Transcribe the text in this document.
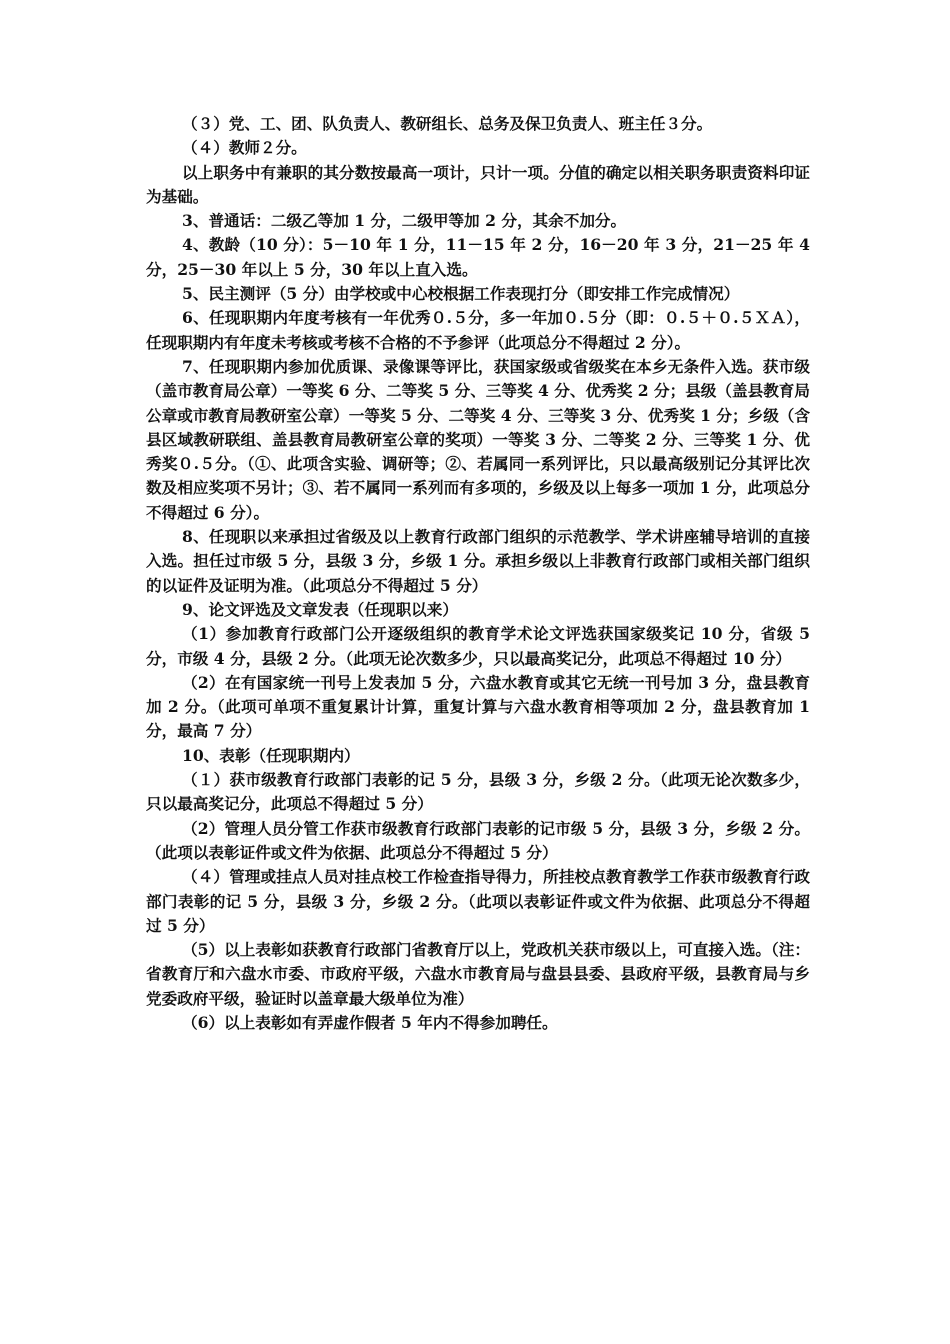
（３）党、工、团、队负责人、教研组长、总务及保卫负责人、班主任３分。

（４）教师２分。

以上职务中有兼职的其分数按最高一项计，只计一项。分值的确定以相关职务职责资料印证为基础。

3、普通话：二级乙等加 1 分，二级甲等加 2 分，其余不加分。

4、教龄（10 分）：5－10 年 1 分，11－15 年 2 分，16－20 年 3 分，21－25 年 4 分，25－30 年以上 5 分，30 年以上直入选。

5、民主测评（5 分）由学校或中心校根据工作表现打分（即安排工作完成情况）

6、任现职期内年度考核有一年优秀０.５分，多一年加０.５分（即：０.５＋０.５ＸＡ），任现职期内有年度未考核或考核不合格的不予参评（此项总分不得超过 2 分）。

7、任现职期内参加优质课、录像课等评比，获国家级或省级奖在本乡无条件入选。获市级（盖市教育局公章）一等奖 6 分、二等奖 5 分、三等奖 4 分、优秀奖 2 分；县级（盖县教育局公章或市教育局教研室公章）一等奖 5 分、二等奖 4 分、三等奖 3 分、优秀奖 1 分；乡级（含县区域教研联组、盖县教育局教研室公章的奖项）一等奖 3 分、二等奖 2 分、三等奖 1 分、优秀奖０.５分。（①、此项含实验、调研等；②、若属同一系列评比，只以最高级别记分其评比次数及相应奖项不另计；③、若不属同一系列而有多项的，乡级及以上每多一项加 1 分，此项总分不得超过 6 分）。

8、任现职以来承担过省级及以上教育行政部门组织的示范教学、学术讲座辅导培训的直接入选。担任过市级 5 分，县级 3 分，乡级 1 分。承担乡级以上非教育行政部门或相关部门组织的以证件及证明为准。（此项总分不得超过 5 分）

9、论文评选及文章发表（任现职以来）

（1）参加教育行政部门公开逐级组织的教育学术论文评选获国家级奖记 10 分，省级 5 分，市级 4 分，县级 2 分。（此项无论次数多少，只以最高奖记分，此项总不得超过 10 分）

（2）在有国家统一刊号上发表加 5 分，六盘水教育或其它无统一刊号加 3 分，盘县教育加 2 分。（此项可单项不重复累计计算，重复计算与六盘水教育相等项加 2 分，盘县教育加 1 分，最高 7 分）

10、表彰（任现职期内）

（１）获市级教育行政部门表彰的记 5 分，县级 3 分，乡级 2 分。（此项无论次数多少，只以最高奖记分，此项总不得超过 5 分）

（2）管理人员分管工作获市级教育行政部门表彰的记市级 5 分，县级 3 分，乡级 2 分。（此项以表彰证件或文件为依据、此项总分不得超过 5 分）

（４）管理或挂点人员对挂点校工作检查指导得力，所挂校点教育教学工作获市级教育行政部门表彰的记 5 分，县级 3 分，乡级 2 分。（此项以表彰证件或文件为依据、此项总分不得超过 5 分）

（5）以上表彰如获教育行政部门省教育厅以上，党政机关获市级以上，可直接入选。（注：省教育厅和六盘水市委、市政府平级，六盘水市教育局与盘县县委、县政府平级，县教育局与乡党委政府平级，验证时以盖章最大级单位为准）

（6）以上表彰如有弄虚作假者 5 年内不得参加聘任。
